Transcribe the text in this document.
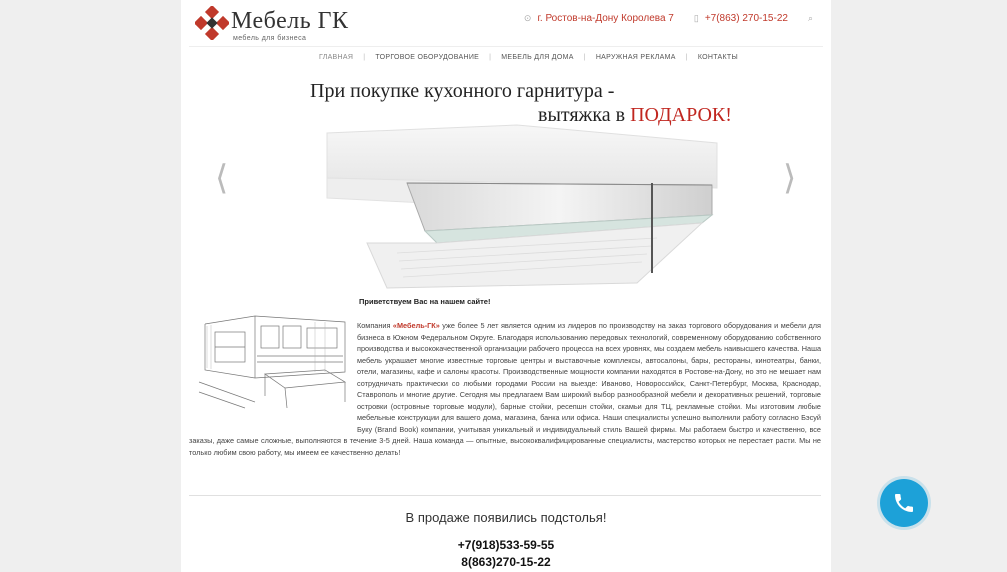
Мебель ГК
мебель для бизнеса
⊙ г. Ростов-на-Дону Королева 7 ▯ +7(863) 270-15-22 ⌕
ГЛАВНАЯ	|	ТОРГОВОЕ ОБОРУДОВАНИЕ	|	МЕБЕЛЬ ДЛЯ ДОМА	|	НАРУЖНАЯ РЕКЛАМА	|	КОНТАКТЫ
При покупке кухонного гарнитура -
вытяжка в ПОДАРОК!
⟨	⟩
Приветствуем Вас на нашем сайте!
Компания «Мебель-ГК» уже более 5 лет является одним из лидеров по производству на заказ торгового оборудования и мебели для бизнеса в Южном Федеральном Округе. Благодаря использованию передовых технологий, современному оборудованию собственного производства и высококачественной организации рабочего процесса на всех уровнях, мы создаем мебель наивысшего качества. Наша мебель украшает многие известные торговые центры и выставочные комплексы, автосалоны, бары, рестораны, кинотеатры, банки, отели, магазины, кафе и салоны красоты. Производственные мощности компании находятся в Ростове-на-Дону, но это не мешает нам сотрудничать практически со любыми городами России на выезде: Иваново, Новороссийск, Санкт-Петербург, Москва, Краснодар, Ставрополь и многие другие. Сегодня мы предлагаем Вам широкий выбор разнообразной мебели и декоративных решений, торговые островки (островные торговые модули), барные стойки, ресепшн стойки, скамьи для ТЦ, рекламные стойки. Мы изготовим любые мебельные конструкции для вашего дома, магазина, банка или офиса. Наши специалисты успешно выполнили работу согласно Бэсуй Букy (Brand Book) компании, учитывая уникальный и индивидуальный стиль Вашей фирмы. Мы работаем быстро и качественно, все заказы, даже самые сложные, выполняются в течение 3-5 дней. Наша команда — опытные, высококвалифицированные специалисты, мастерство которых не перестает расти. Мы не только любим свою работу, мы имеем ее качественно делать!
В продаже появились подстолья!
+7(918)533-59-55
8(863)270-15-22
